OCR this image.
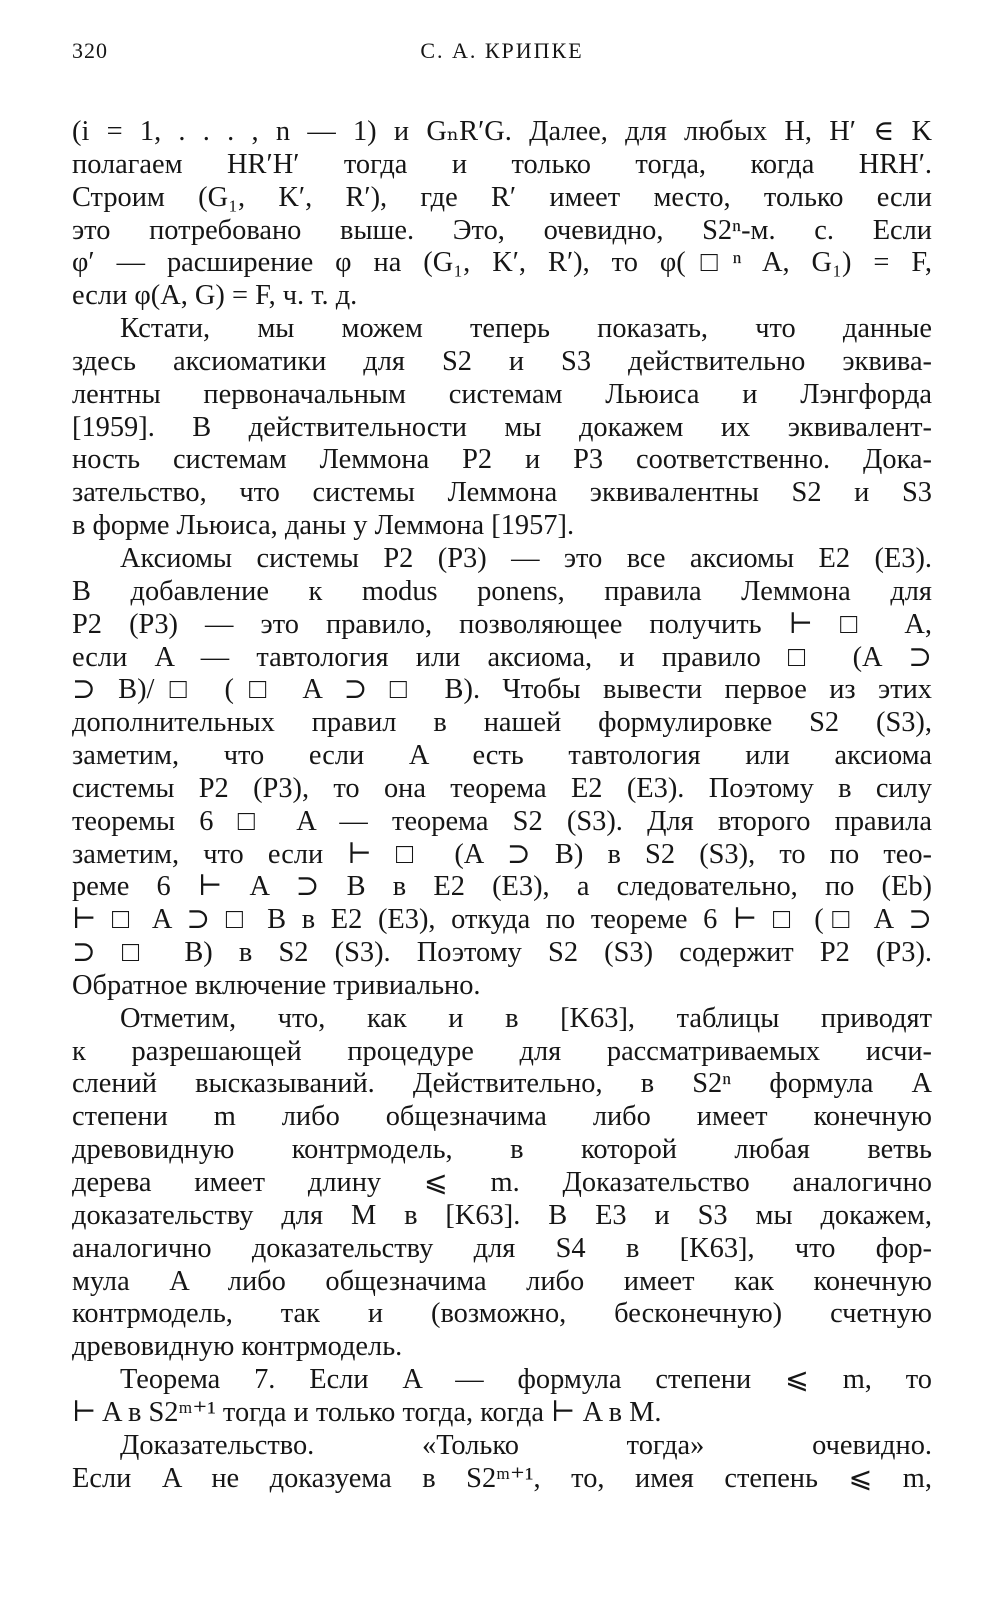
320	С. А. КРИПКЕ
(i = 1, . . . , n — 1) и GₙR′G. Далее, для любых H, H′ ∈ K
полагаем HR′H′ тогда и только тогда, когда HRH′.
Строим (G₁, K′, R′), где R′ имеет место, только если
это потребовано выше. Это, очевидно, S2ⁿ-м. с. Если
φ′ — расширение φ на (G₁, K′, R′), то φ(□ⁿ A, G₁) = F,
если φ(A, G) = F, ч. т. д.
Кстати, мы можем теперь показать, что данные
здесь аксиоматики для S2 и S3 действительно эквива-
лентны первоначальным системам Льюиса и Лэнгфорда
[1959]. В действительности мы докажем их эквивалент-
ность системам Леммона P2 и P3 соответственно. Дока-
зательство, что системы Леммона эквивалентны S2 и S3
в форме Льюиса, даны у Леммона [1957].
Аксиомы системы P2 (P3) — это все аксиомы E2 (E3).
В добавление к modus ponens, правила Леммона для
P2 (P3) — это правило, позволяющее получить ⊢ □ A,
если A — тавтология или аксиома, и правило □ (A ⊃
⊃ B)/□ (□ A ⊃ □ B). Чтобы вывести первое из этих
дополнительных правил в нашей формулировке S2 (S3),
заметим, что если A есть тавтология или аксиома
системы P2 (P3), то она теорема E2 (E3). Поэтому в силу
теоремы 6 □ A — теорема S2 (S3). Для второго правила
заметим, что если ⊢ □ (A ⊃ B) в S2 (S3), то по тео-
реме 6 ⊢ A ⊃ B в E2 (E3), а следовательно, по (Eb)
⊢ □ A ⊃ □ B в E2 (E3), откуда по теореме 6 ⊢ □ (□ A ⊃
⊃ □ B) в S2 (S3). Поэтому S2 (S3) содержит P2 (P3).
Обратное включение тривиально.
Отметим, что, как и в [K63], таблицы приводят
к разрешающей процедуре для рассматриваемых исчи-
слений высказываний. Действительно, в S2ⁿ формула A
степени m либо общезначима либо имеет конечную
древовидную контрмодель, в которой любая ветвь
дерева имеет длину ⩽ m. Доказательство аналогично
доказательству для M в [K63]. В E3 и S3 мы докажем,
аналогично доказательству для S4 в [K63], что фор-
мула A либо общезначима либо имеет как конечную
контрмодель, так и (возможно, бесконечную) счетную
древовидную контрмодель.
Теорема 7. Если A — формула степени ⩽ m, то
⊢ A в S2ᵐ⁺¹ тогда и только тогда, когда ⊢ A в M.
Доказательство. «Только тогда» очевидно.
Если A не доказуема в S2ᵐ⁺¹, то, имея степень ⩽ m,
